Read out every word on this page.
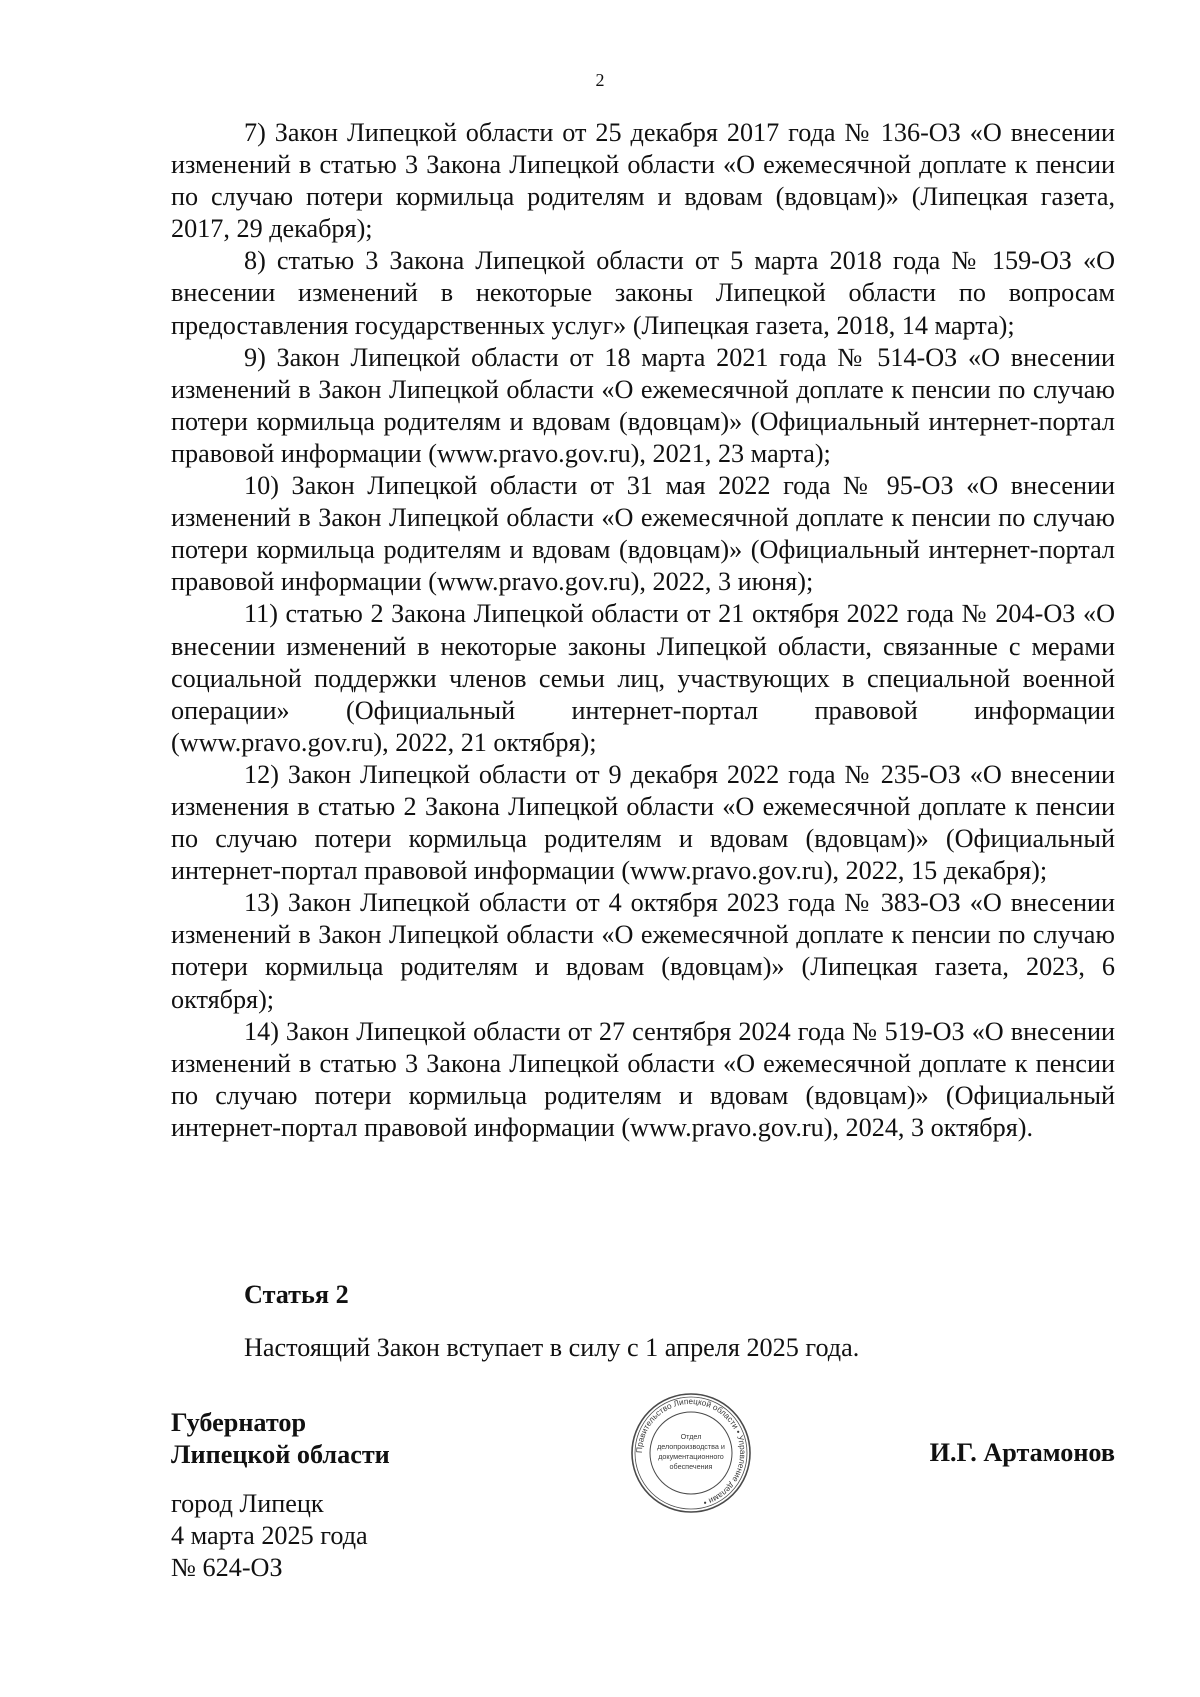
2

7) Закон Липецкой области от 25 декабря 2017 года № 136-ОЗ «О внесении изменений в статью 3 Закона Липецкой области «О ежемесячной доплате к пенсии по случаю потери кормильца родителям и вдовам (вдовцам)» (Липецкая газета, 2017, 29 декабря);

8) статью 3 Закона Липецкой области от 5 марта 2018 года № 159-ОЗ «О внесении изменений в некоторые законы Липецкой области по вопросам предоставления государственных услуг» (Липецкая газета, 2018, 14 марта);

9) Закон Липецкой области от 18 марта 2021 года № 514-ОЗ «О внесении изменений в Закон Липецкой области «О ежемесячной доплате к пенсии по случаю потери кормильца родителям и вдовам (вдовцам)» (Официальный интернет-портал правовой информации (www.pravo.gov.ru), 2021, 23 марта);

10) Закон Липецкой области от 31 мая 2022 года № 95-ОЗ «О внесении изменений в Закон Липецкой области «О ежемесячной доплате к пенсии по случаю потери кормильца родителям и вдовам (вдовцам)» (Официальный интернет-портал правовой информации (www.pravo.gov.ru), 2022, 3 июня);

11) статью 2 Закона Липецкой области от 21 октября 2022 года № 204-ОЗ «О внесении изменений в некоторые законы Липецкой области, связанные с мерами социальной поддержки членов семьи лиц, участвующих в специальной военной операции» (Официальный интернет-портал правовой информации (www.pravo.gov.ru), 2022, 21 октября);

12) Закон Липецкой области от 9 декабря 2022 года № 235-ОЗ «О внесении изменения в статью 2 Закона Липецкой области «О ежемесячной доплате к пенсии по случаю потери кормильца родителям и вдовам (вдовцам)» (Официальный интернет-портал правовой информации (www.pravo.gov.ru), 2022, 15 декабря);

13) Закон Липецкой области от 4 октября 2023 года № 383-ОЗ «О внесении изменений в Закон Липецкой области «О ежемесячной доплате к пенсии по случаю потери кормильца родителям и вдовам (вдовцам)» (Липецкая газета, 2023, 6 октября);

14) Закон Липецкой области от 27 сентября 2024 года № 519-ОЗ «О внесении изменений в статью 3 Закона Липецкой области «О ежемесячной доплате к пенсии по случаю потери кормильца родителям и вдовам (вдовцам)» (Официальный интернет-портал правовой информации (www.pravo.gov.ru), 2024, 3 октября).

Статья 2
Настоящий Закон вступает в силу с 1 апреля 2025 года.
Губернатор
Липецкой области	Правительство Липецкой области • Управление делами •
Отдел
делопроизводства и
документационного
обеспечения	И.Г. Артамонов
город Липецк
4 марта 2025 года
№ 624-ОЗ
